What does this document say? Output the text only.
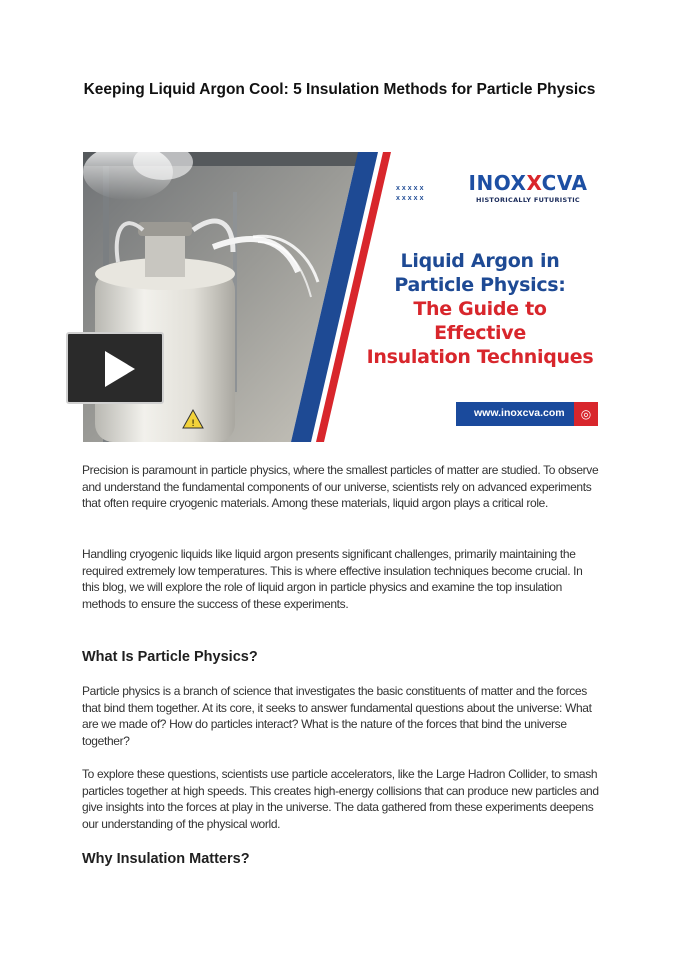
Keeping Liquid Argon Cool: 5 Insulation Methods for Particle Physics
!
xxxxx
xxxxx
x
x
INOXXCVA
HISTORICALLY FUTURISTIC
Liquid Argon in
Particle Physics:
The Guide to Effective
Insulation Techniques
www.inoxcva.com	◎

Precision is paramount in particle physics, where the smallest particles of matter are studied. To observe and understand the fundamental components of our universe, scientists rely on advanced experiments that often require cryogenic materials. Among these materials, liquid argon plays a critical role.

Handling cryogenic liquids like liquid argon presents significant challenges, primarily maintaining the required extremely low temperatures. This is where effective insulation techniques become crucial. In this blog, we will explore the role of liquid argon in particle physics and examine the top insulation methods to ensure the success of these experiments.

What Is Particle Physics?

Particle physics is a branch of science that investigates the basic constituents of matter and the forces that bind them together. At its core, it seeks to answer fundamental questions about the universe: What are we made of? How do particles interact? What is the nature of the forces that bind the universe together?

To explore these questions, scientists use particle accelerators, like the Large Hadron Collider, to smash particles together at high speeds. This creates high-energy collisions that can produce new particles and give insights into the forces at play in the universe. The data gathered from these experiments deepens our understanding of the physical world.

Why Insulation Matters?
